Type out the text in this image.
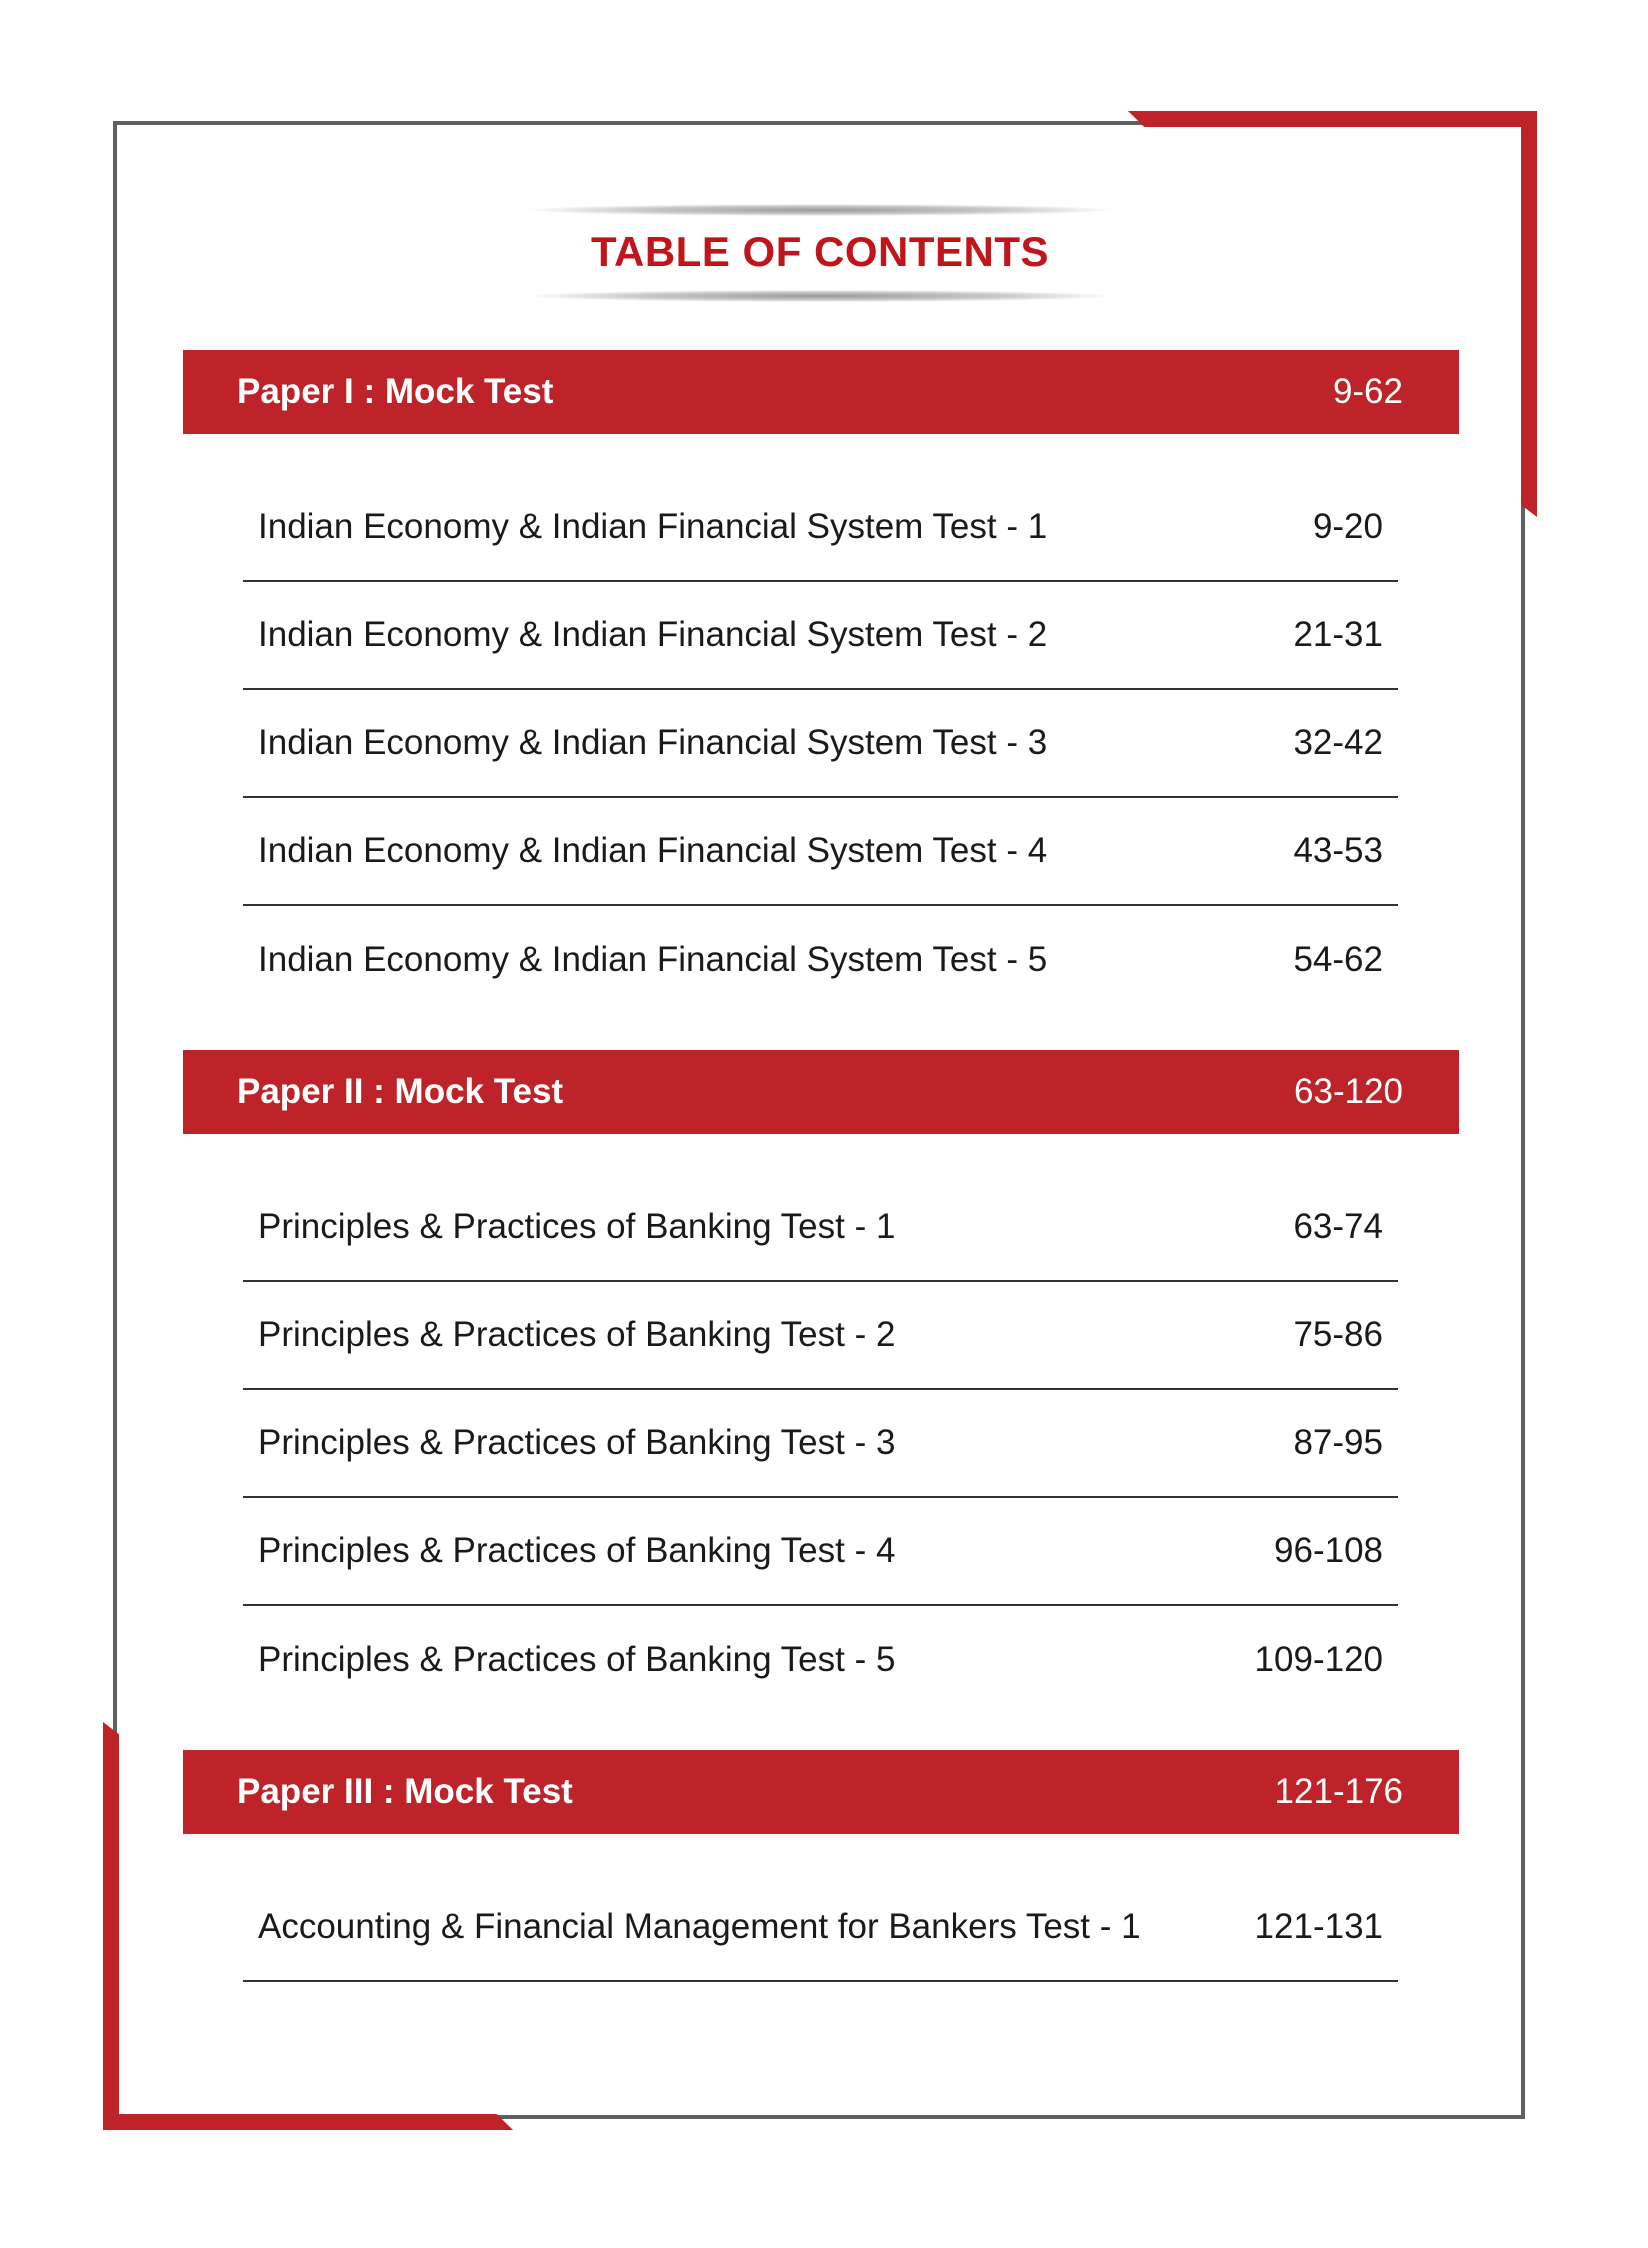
TABLE OF CONTENTS
Paper I : Mock Test	9-62
Indian Economy & Indian Financial System Test - 1	9-20
Indian Economy & Indian Financial System Test - 2	21-31
Indian Economy & Indian Financial System Test - 3	32-42
Indian Economy & Indian Financial System Test - 4	43-53
Indian Economy & Indian Financial System Test - 5	54-62
Paper II : Mock Test	63-120
Principles & Practices of Banking Test - 1	63-74
Principles & Practices of Banking Test - 2	75-86
Principles & Practices of Banking Test - 3	87-95
Principles & Practices of Banking Test - 4	96-108
Principles & Practices of Banking Test - 5	109-120
Paper III : Mock Test	121-176
Accounting & Financial Management for Bankers Test - 1	121-131
